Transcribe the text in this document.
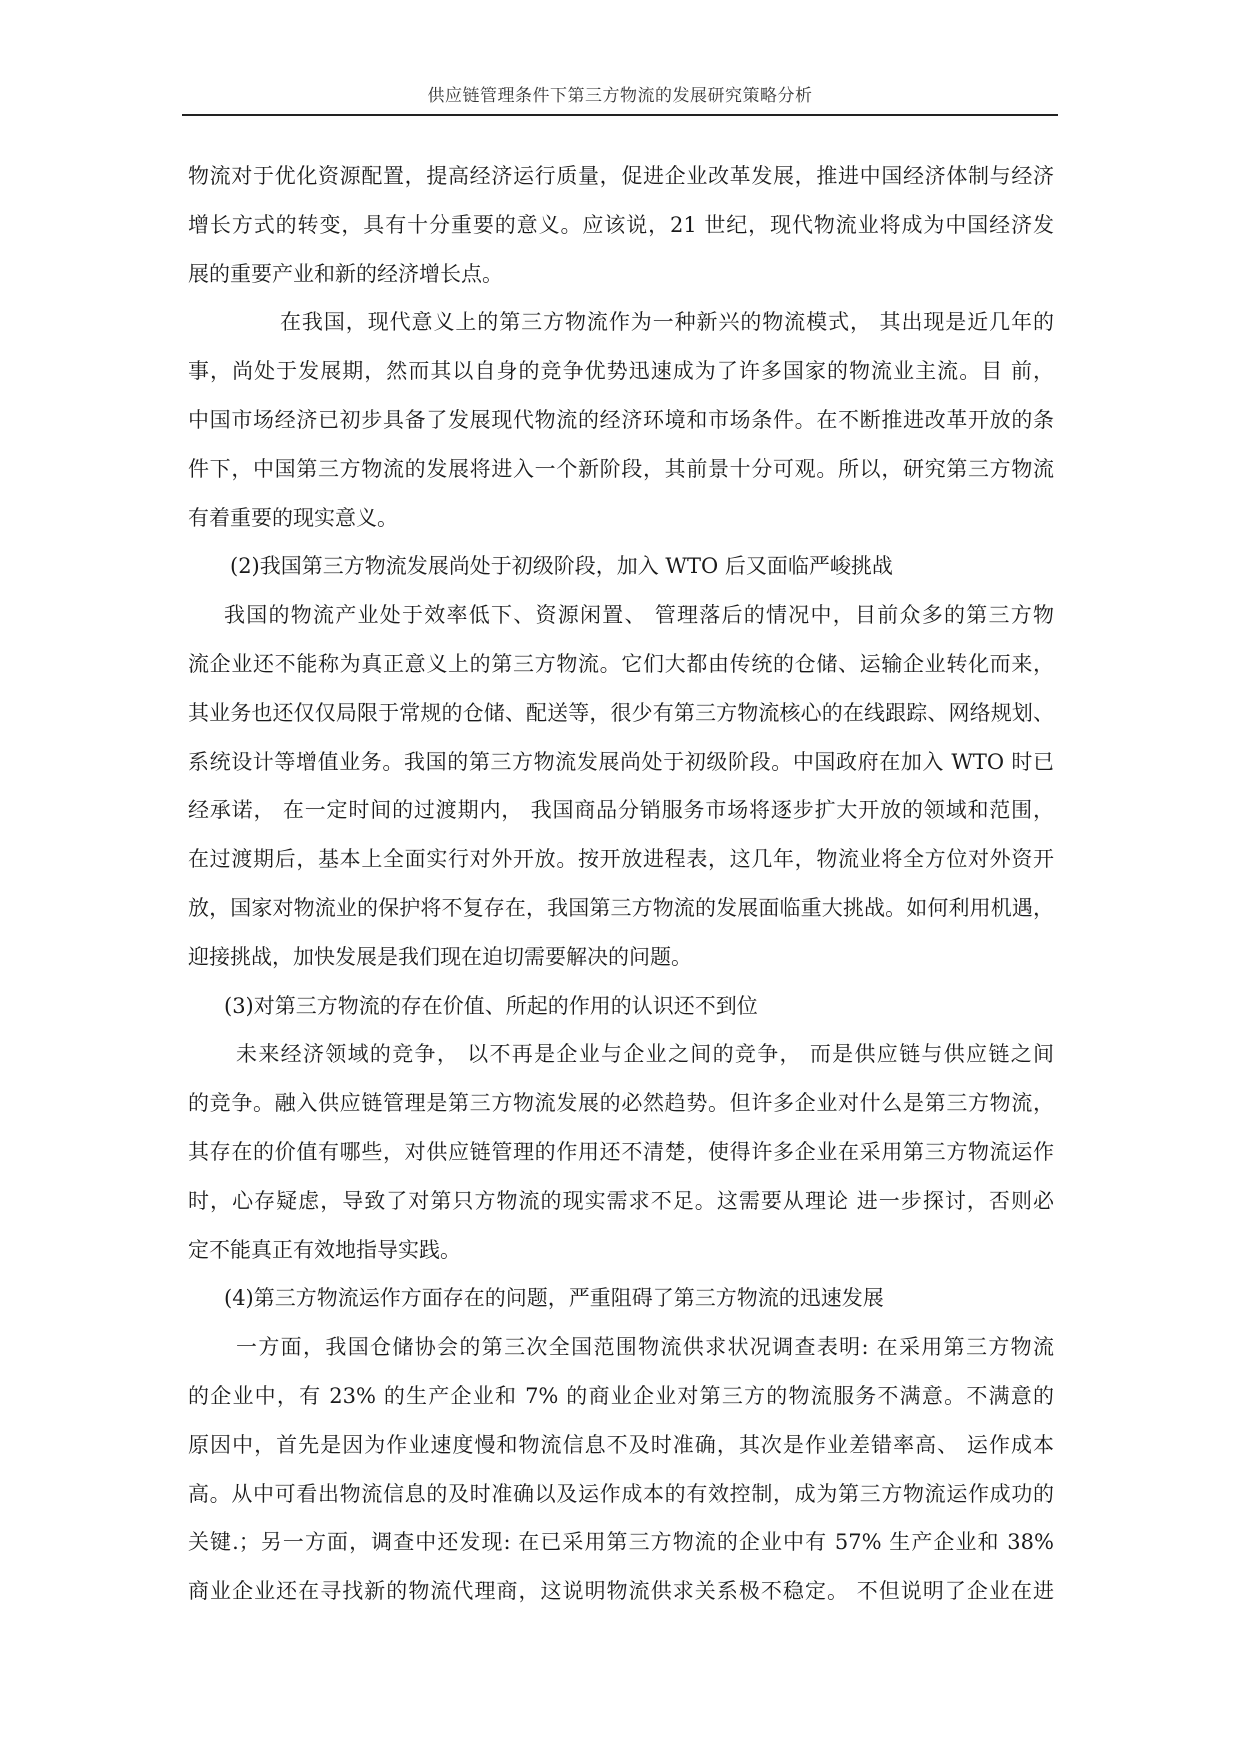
供应链管理条件下第三方物流的发展研究策略分析
物流对于优化资源配置，提高经济运行质量，促进企业改革发展，推进中国经济体制与经济
增长方式的转变，具有十分重要的意义。应该说，21 世纪，现代物流业将成为中国经济发
展的重要产业和新的经济增长点。
在我国，现代意义上的第三方物流作为一种新兴的物流模式， 其出现是近几年的
事，尚处于发展期，然而其以自身的竞争优势迅速成为了许多国家的物流业主流。目 前，
中国市场经济已初步具备了发展现代物流的经济环境和市场条件。在不断推进改革开放的条
件下，中国第三方物流的发展将进入一个新阶段，其前景十分可观。所以，研究第三方物流
有着重要的现实意义。
(2)我国第三方物流发展尚处于初级阶段，加入 WTO 后又面临严峻挑战
我国的物流产业处于效率低下、资源闲置、 管理落后的情况中，目前众多的第三方物
流企业还不能称为真正意义上的第三方物流。它们大都由传统的仓储、运输企业转化而来，
其业务也还仅仅局限于常规的仓储、配送等，很少有第三方物流核心的在线跟踪、网络规划、
系统设计等增值业务。我国的第三方物流发展尚处于初级阶段。中国政府在加入 WTO 时已
经承诺， 在一定时间的过渡期内， 我国商品分销服务市场将逐步扩大开放的领域和范围，
在过渡期后，基本上全面实行对外开放。按开放进程表，这几年，物流业将全方位对外资开
放，国家对物流业的保护将不复存在，我国第三方物流的发展面临重大挑战。如何利用机遇，
迎接挑战，加快发展是我们现在迫切需要解决的问题。
(3)对第三方物流的存在价值、所起的作用的认识还不到位
未来经济领域的竞争， 以不再是企业与企业之间的竞争， 而是供应链与供应链之间
的竞争。融入供应链管理是第三方物流发展的必然趋势。但许多企业对什么是第三方物流，
其存在的价值有哪些，对供应链管理的作用还不清楚，使得许多企业在采用第三方物流运作
时，心存疑虑，导致了对第只方物流的现实需求不足。这需要从理论 进一步探讨，否则必
定不能真正有效地指导实践。
(4)第三方物流运作方面存在的问题，严重阻碍了第三方物流的迅速发展
一方面，我国仓储协会的第三次全国范围物流供求状况调查表明: 在采用第三方物流
的企业中，有 23% 的生产企业和 7% 的商业企业对第三方的物流服务不满意。不满意的
原因中，首先是因为作业速度慢和物流信息不及时准确，其次是作业差错率高、 运作成本
高。从中可看出物流信息的及时准确以及运作成本的有效控制，成为第三方物流运作成功的
关键.；另一方面，调查中还发现: 在已采用第三方物流的企业中有 57% 生产企业和 38%
商业企业还在寻找新的物流代理商，这说明物流供求关系极不稳定。 不但说明了企业在进
